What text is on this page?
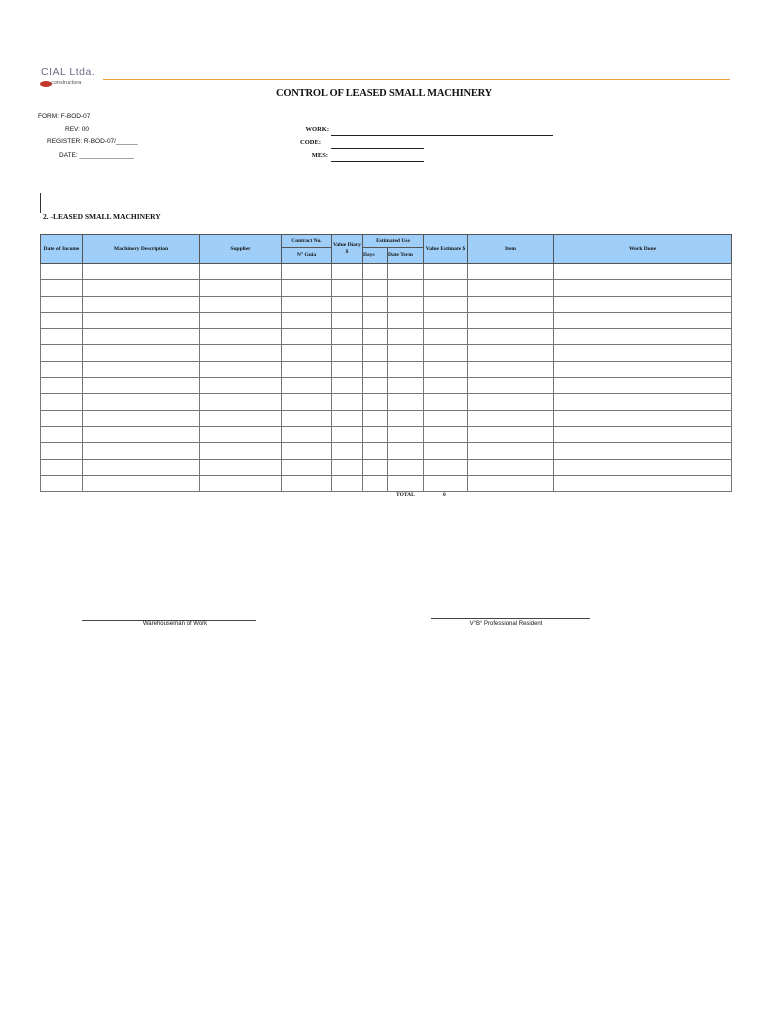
CIAL Ltda.
constructora
CONTROL OF LEASED SMALL MACHINERY
FORM: F-BOD-07
REV: 00
REGISTER: R-BOD-07/______
DATE: _______________
WORK:
CODE:
MES:
2. -LEASED SMALL MACHINERY
Date of Income	Machinery Description	Supplier	Contract No.	Value Diary $	Estimated Use		Value Estimate $	Item	Work Done	
			N° Guia		Days	Date Term				

TOTAL	0
Warehouseman of Work	V°B° Professional Resident
